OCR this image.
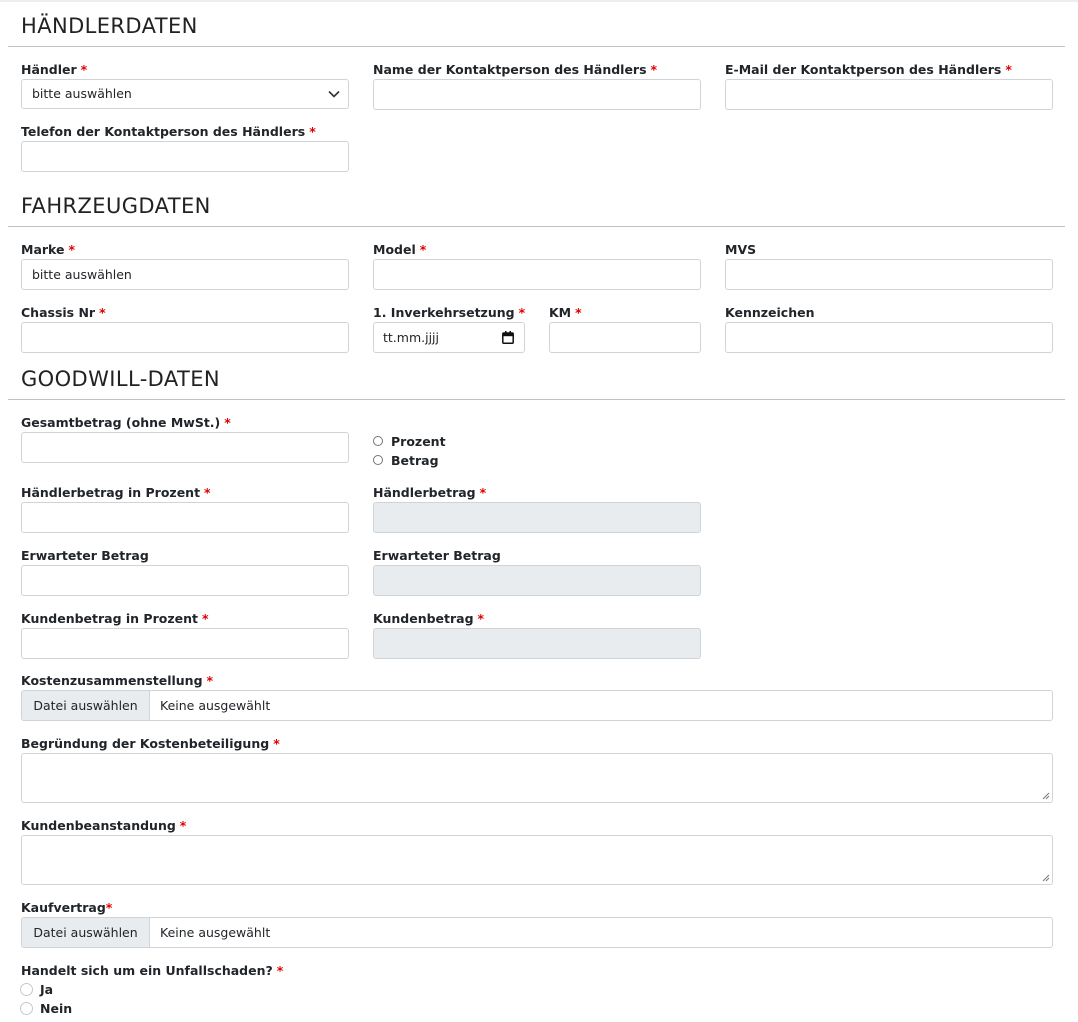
HÄNDLERDATEN
Händler *
bitte auswählen
Name der Kontaktperson des Händlers *	E-Mail der Kontaktperson des Händlers *
Telefon der Kontaktperson des Händlers *
FAHRZEUGDATEN
Marke *
bitte auswählen
Model *	MVS
Chassis Nr *	1. Inverkehrsetzung *
tt.mm.jjjj
KM *	Kennzeichen
GOODWILL-DATEN
Gesamtbetrag (ohne MwSt.) *
Prozent
Betrag
Händlerbetrag in Prozent *	Händlerbetrag *
Erwarteter Betrag	Erwarteter Betrag
Kundenbetrag in Prozent *	Kundenbetrag *
Kostenzusammenstellung *
Datei auswählen	Keine ausgewählt
Begründung der Kostenbeteiligung *
Kundenbeanstandung *
Kaufvertrag*
Datei auswählen	Keine ausgewählt
Handelt sich um ein Unfallschaden? *
Ja
Nein
